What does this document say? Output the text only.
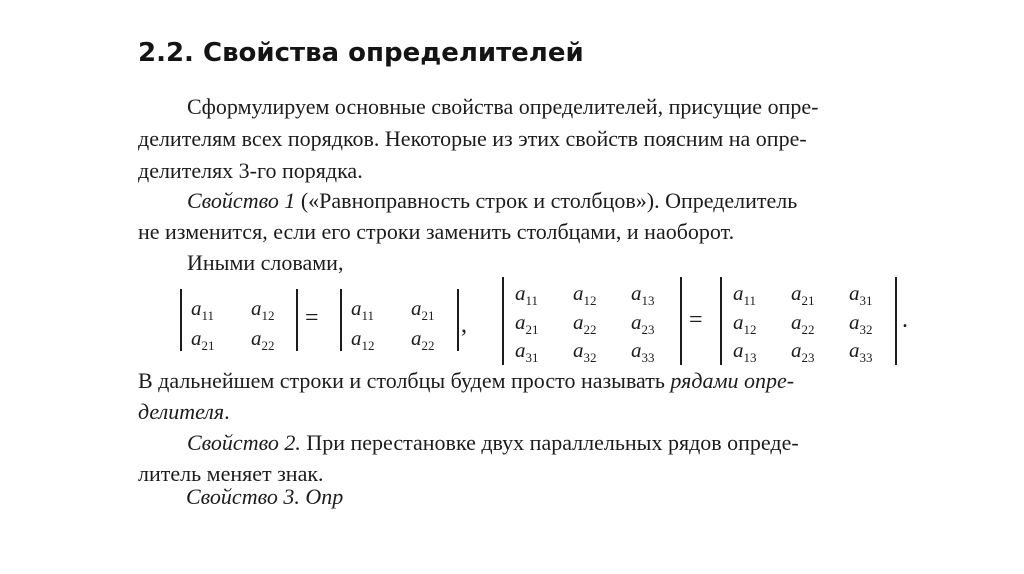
2.2. Свойства определителей
Сформулируем основные свойства определителей, присущие опре-
делителям всех порядков. Некоторые из этих свойств поясним на опре-
делителях 3-го порядка.
Свойство 1 («Равноправность строк и столбцов»). Определитель
не изменится, если его строки заменить столбцами, и наоборот.
Иными словами,
$a_{11}$ $a_{12}$
$a_{21}$ $a_{22}$
= $a_{11}$ $a_{21}$
$a_{12}$ $a_{22}$
,
$a_{11}$ $a_{12}$ $a_{13}$
$a_{21}$ $a_{22}$ $a_{23}$
$a_{31}$ $a_{32}$ $a_{33}$
=
$a_{11}$ $a_{21}$ $a_{31}$
$a_{12}$ $a_{22}$ $a_{32}$
$a_{13}$ $a_{23}$ $a_{33}$
.
В дальнейшем строки и столбцы будем просто называть рядами опре-
делителя.
Свойство 2. При перестановке двух параллельных рядов опреде-
литель меняет знак.
Свойство 3. Опр
